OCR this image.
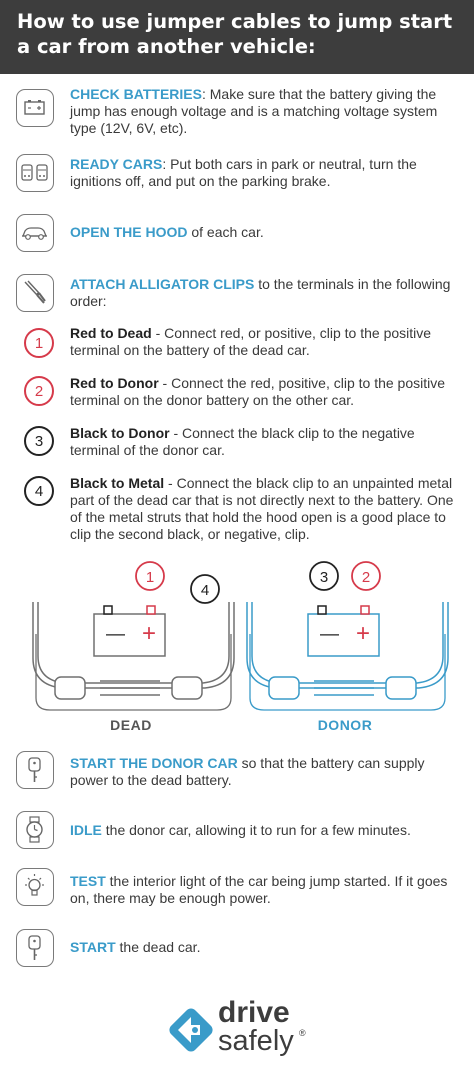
How to use jumper cables to jump start a car from another vehicle:
CHECK BATTERIES: Make sure that the battery giving the jump has enough voltage and is a matching voltage system type (12V, 6V, etc).
READY CARS: Put both cars in park or neutral, turn the ignitions off, and put on the parking brake.
OPEN THE HOOD of each car.
ATTACH ALLIGATOR CLIPS to the terminals in the following order:
1
Red to Dead - Connect red, or positive, clip to the positive terminal on the battery of the dead car.
2	Red to Donor - Connect the red, positive, clip to the positive terminal on the donor battery on the other car.
3	Black to Donor - Connect the black clip to the negative terminal of the donor car.
4	Black to Metal - Connect the black clip to an unpainted metal part of the dead car that is not directly next to the battery. One of the metal struts that hold the hood open is a good place to clip the second black, or negative, clip.
— +
1
4
— +
3 2
DEAD	DONOR
START THE DONOR CAR so that the battery can supply power to the dead battery.
IDLE the donor car, allowing it to run for a few minutes.
TEST the interior light of the car being jump started. If it goes on, there may be enough power.
START the dead car.
drive
safely ®
